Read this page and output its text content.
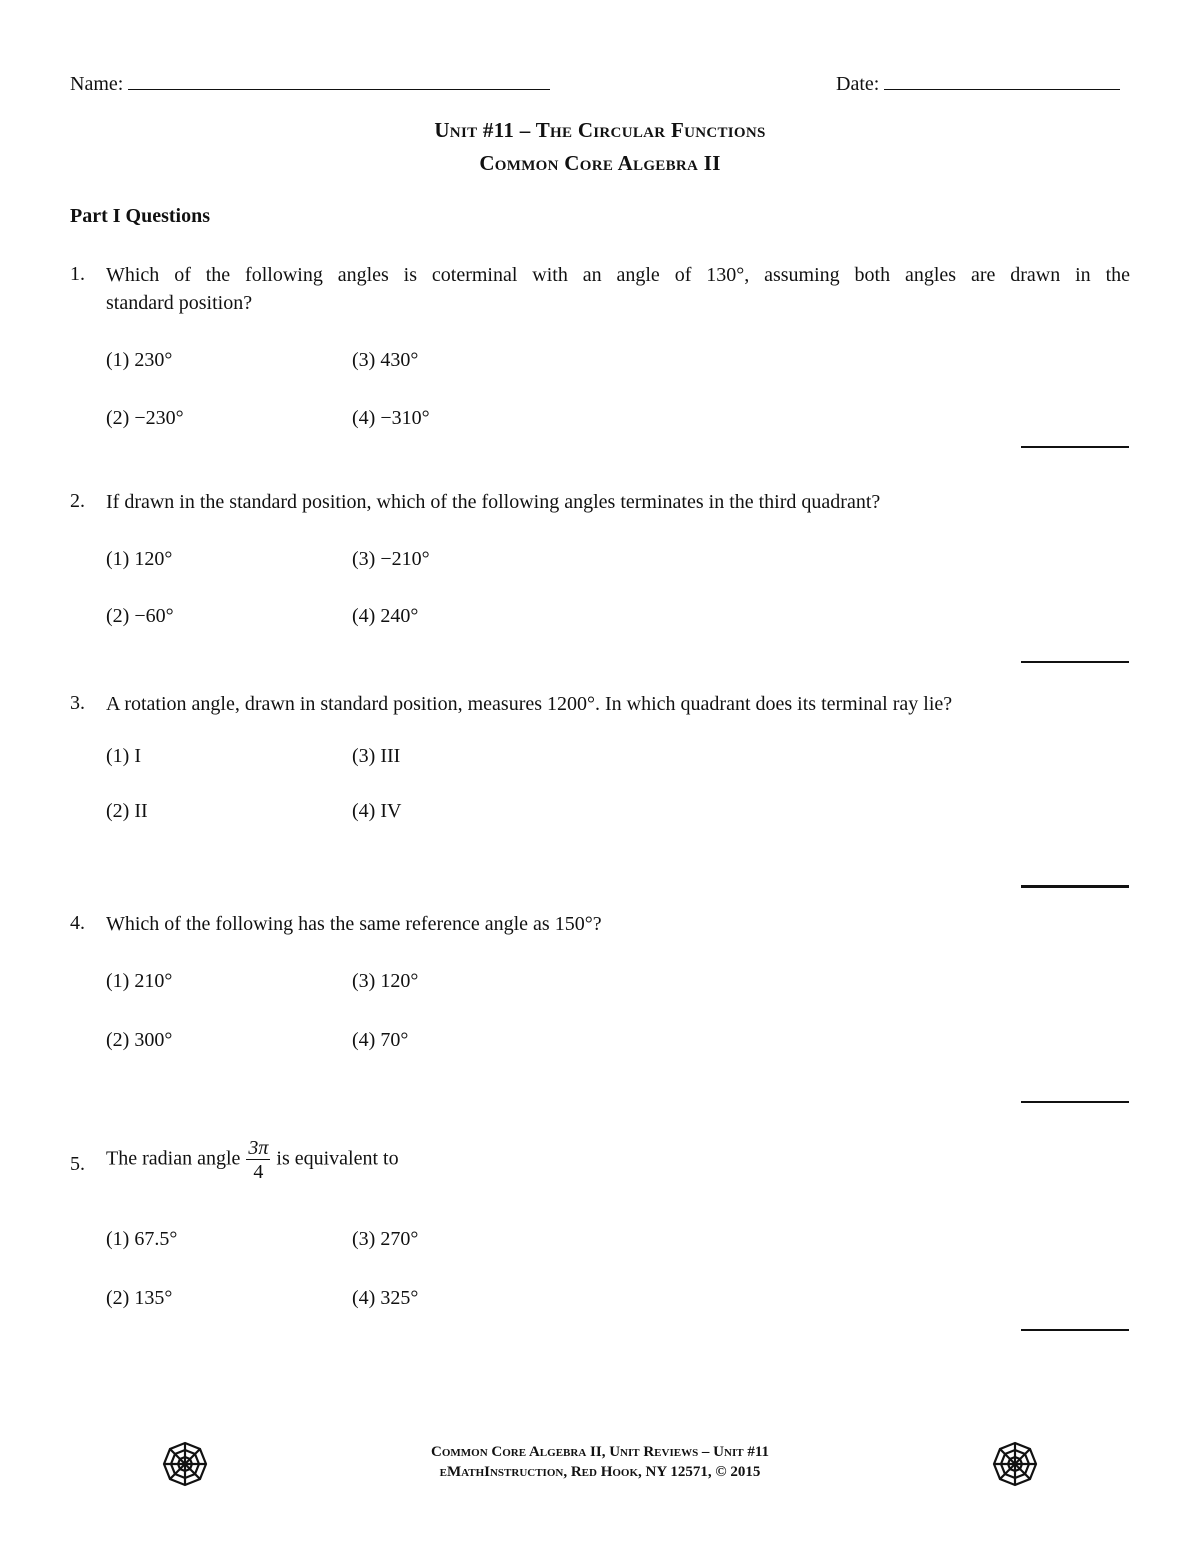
Name:	Date:
Unit #11 – The Circular Functions
Common Core Algebra II
Part I Questions
1. Which of the following angles is coterminal with an angle of 130°, assuming both angles are drawn in the
standard position?
(1) 230°	(3) 430°
(2) −230°	(4) −310°
2. If drawn in the standard position, which of the following angles terminates in the third quadrant?
(1) 120°	(3) −210°
(2) −60°	(4) 240°
3. A rotation angle, drawn in standard position, measures 1200°. In which quadrant does its terminal ray lie?
(1) I	(3) III
(2) II	(4) IV
4. Which of the following has the same reference angle as 150°?
(1) 210°	(3) 120°
(2) 300°	(4) 70°
5. The radian angle $\frac{3\pi}{4}$ is equivalent to
(1) 67.5°	(3) 270°
(2) 135°	(4) 325°
Common Core Algebra II, Unit Reviews – Unit #11
eMathInstruction, Red Hook, NY 12571, © 2015
